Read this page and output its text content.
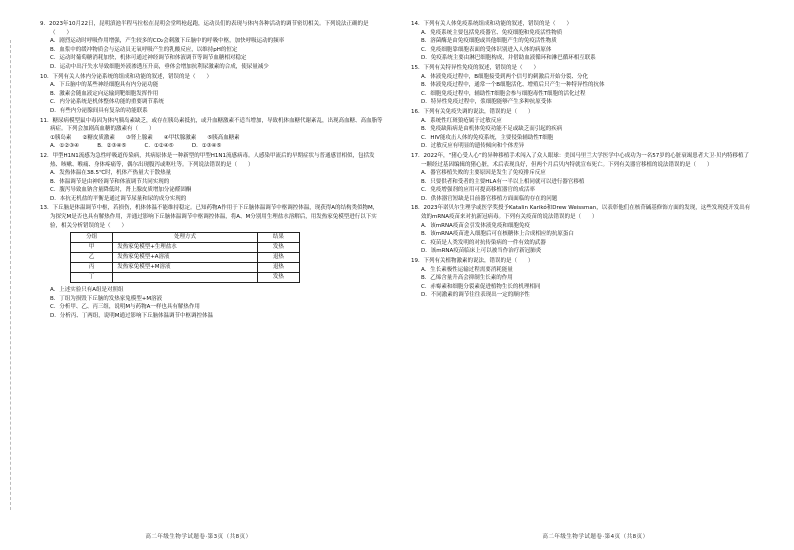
9．2023年10月22日，昆明滇池半程马拉松在昆明会堂鸣枪起跑，运动员们的表现与体内各种活动的调节密切相关。下列说法正确的是（　　）
A．剧烈运动时呼吸作用增强，产生较多的CO₂会刺激下丘脑中的呼吸中枢，加快呼吸运动的频率
B．血浆中的缓冲物质会与运动员无氧呼吸产生的乳酸反应，以维持pH的恒定
C．运动时葡萄糖消耗加快，机体可通过神经调节和体液调节等调节血糖相对稳定
D．运动中出汗失水导致细胞外液渗透压升高，垂体会增加抗利尿激素的合成，使尿量减少
10．下列有关人体内分泌系统的组成和功能的叙述，错误的是（　　）
A．下丘脑中的某些神经细胞具有内分泌功能
B．激素会随血液定向运输到靶细胞发挥作用
C．内分泌系统是机体整体功能的重要调节系统
D．有些内分泌腺间具有复杂的功能联系
11．糖尿病模型鼠中毒因为体内胰岛素缺乏，或存在胰岛素抵抗，或升血糖激素不适当增加，导致机体血糖代谢紊乱，出现高血糖、高血脂等病症。下列会加剧高血糖的激素有（　　）
①胰岛素　　②糖皮质激素　　③肾上腺素　　④甲状腺激素　　⑤胰高血糖素
A．①②③④　　　	B．②③④⑤　　　	C．①②④⑤　　　	D．①③④⑤
12．甲型H1N1流感为急性呼吸道传染病，其病原体是一种新型的甲型H1N1流感病毒。人感染甲流后的早期症状与普通感冒相似，包括发热、咳嗽、喉痛、身体疼痛等，偶尔出现腹泻或呕吐等。下列说法错误的是（　　）
A．发热体温在38.5℃时，机体产热量大于散热量
B．体温调节是由神经调节和体液调节共同实现的
C．腹泻导致血钠含量降低时，肾上腺皮质增加分泌醛固酮
D．本抗无机盐的平衡是通过调节尿量和尿的成分实现的
13．下丘脑是体温调节中枢，若损伤，机体体温不能维持稳定。已知药物A作用于下丘脑体温调节中枢调控体温，现获得A的结构类似物M，为探究M是否也具有解热作用，并通过影响下丘脑体温调节中枢调控体温，将A、M分别用生理盐水溶解后，用发热家兔模型进行以下实验，相关分析错误的是（　　）
分组	处理方式	结果
甲	发热家兔模型+生理盐水	发热
乙	发热家兔模型+A溶液	退热
丙	发热家兔模型+M溶液	退热
丁		发热
A．上述实验只有A组是对照组
B．丁组为损毁下丘脑的发热家兔模型+M溶液
C．分析甲、乙、丙三组，说明M与药物A一样也具有解热作用
D．分析丙、丁两组，说明M通过影响下丘脑体温调节中枢调控体温
高二年级生物学试题卷·第3页（共8页）
14．下列有关人体免疫系统组成和功能的叙述，错误的是（　　）
A．免疫系统主要包括免疫器官、免疫细胞和免疫活性物质
B．溶菌酶是由免疫细胞或其他细胞产生的免疫活性物质
C．免疫细胞靠细胞表面的受体识别进入人体的病原体
D．免疫系统主要由淋巴细胞构成，并借助血液循环和淋巴循环相互联系
15．下列有关特异性免疫的叙述，错误的是（　　）
A．体液免疫过程中，B细胞接受到两个信号的刺激后开始分裂、分化
B．体液免疫过程中，通常一个B细胞活化、增殖后只产生一种特异性的抗体
C．细胞免疫过程中，辅助性T细胞会参与细胞毒性T细胞的活化过程
D．特异性免疫过程中，浆细胞能够产生多种抗原受体
16．下列有关免疫失调的说法，错误的是（　　）
A．系统性红斑狼疮属于过敏反应
B．免疫缺陷病是由机体免疫功能不足或缺乏而引起的疾病
C．HIV能攻击人体的免疫系统，主要侵染辅助性T细胞
D．过敏反应有明显的遗传倾向和个体差异
17．2022年，“猪心受人心”的异种移植手术闯入了众人眼球：美国马里兰大学医学中心成功为一名57岁的心脏衰竭患者大卫·贝内特移植了一颗经过基因编辑的猪心脏，术后表现良好，但两个月后贝内特就宣布死亡。下列有关器官移植的说法错误的是（　　）
A．器官移植失败的主要原因是发生了免疫排斥反应
B．只要供者和受者的主要HLA有一半以上相同就可以进行器官移植
C．免疫增强剂的应用可提高移植器官的成活率
D．供体器官短缺是目前器官移植方面面临的存在的问题
18．2023年诺贝尔生理学或医学奖授予Katalin Karikó和Drew Weissman，以表彰他们在核苷碱基修饰方面的发现，这些发现使开发出有效的mRNA疫苗来对抗新冠病毒。下列有关疫苗的说法错误的是（　　）
A．该mRNA疫苗会引发体液免疫和细胞免疫
B．该mRNA疫苗进入细胞后可在核糖体上合成相应的抗原蛋白
C．疫苗是人类发明的对抗传染病的一件有效的武器
D．该mRNA疫苗临床上可以被当作治疗新冠肺炎
19．下列有关植物激素的说法，错误的是（　　）
A．生长素极性运输过程需要消耗能量
B．乙烯含量升高会抑制生长素的作用
C．赤霉素和细胞分裂素促进植物生长的机理相同
D．不同激素的调节往往表现出一定的顺序性
高二年级生物学试题卷·第4页（共8页）
